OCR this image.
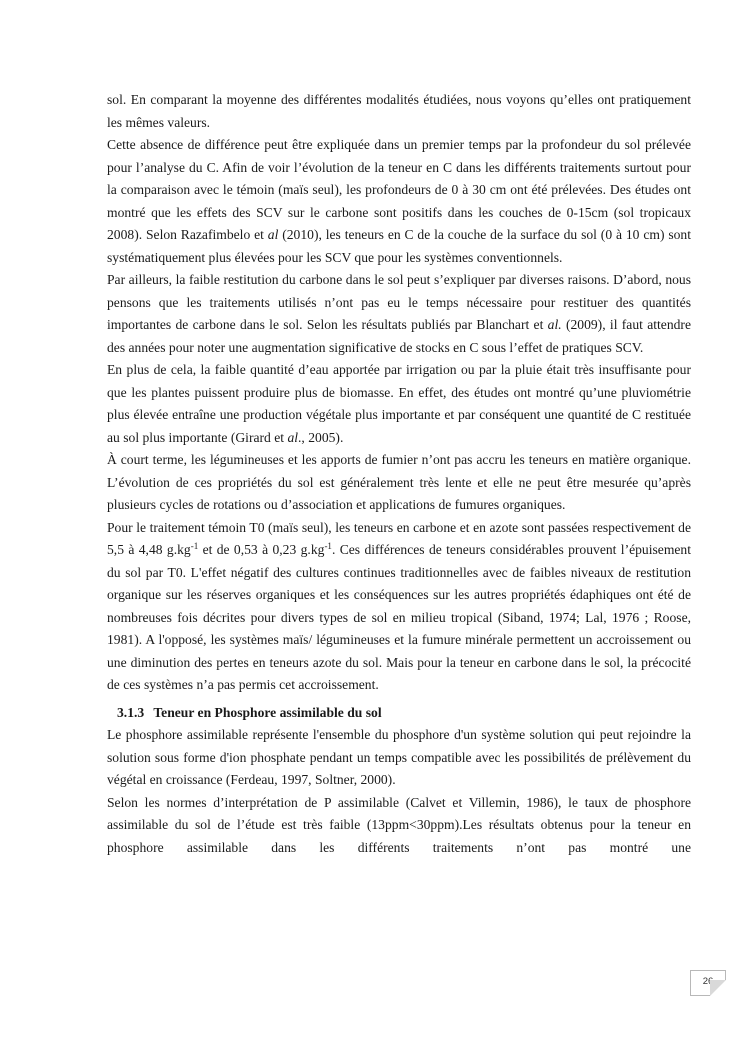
sol. En comparant la moyenne des différentes modalités étudiées, nous voyons qu’elles ont pratiquement les mêmes valeurs.

Cette absence de différence peut être expliquée dans un premier temps par la profondeur du sol prélevée pour l’analyse du C. Afin de voir l’évolution de la teneur en C dans les différents traitements surtout pour la comparaison avec le témoin (maïs seul), les profondeurs de 0 à 30 cm ont été prélevées. Des études ont montré que les effets des SCV sur le carbone sont positifs dans les couches de 0-15cm (sol tropicaux 2008). Selon Razafimbelo et al (2010), les teneurs en C de la couche de la surface du sol (0 à 10 cm) sont systématiquement plus élevées pour les SCV que pour les systèmes conventionnels.

Par ailleurs, la faible restitution du carbone dans le sol peut s’expliquer par diverses raisons. D’abord, nous pensons que les traitements utilisés n’ont pas eu le temps nécessaire pour restituer des quantités importantes de carbone dans le sol. Selon les résultats publiés par Blanchart et al. (2009), il faut attendre des années pour noter une augmentation significative de stocks en C sous l’effet de pratiques SCV.

En plus de cela, la faible quantité d’eau apportée par irrigation ou par la pluie était très insuffisante pour que les plantes puissent produire plus de biomasse. En effet, des études ont montré qu’une pluviométrie plus élevée entraîne une production végétale plus importante et par conséquent une quantité de C restituée au sol plus importante (Girard et al., 2005).

À court terme, les légumineuses et les apports de fumier n’ont pas accru les teneurs en matière organique. L’évolution de ces propriétés du sol est généralement très lente et elle ne peut être mesurée qu’après plusieurs cycles de rotations ou d’association et applications de fumures organiques.

Pour le traitement témoin T0 (maïs seul), les teneurs en carbone et en azote sont passées respectivement de 5,5 à 4,48 $g.kg^{-1}$ et de 0,53 à 0,23 $g.kg^{-1}$. Ces différences de teneurs considérables prouvent l’épuisement du sol par T0. L'effet négatif des cultures continues traditionnelles avec de faibles niveaux de restitution organique sur les réserves organiques et les conséquences sur les autres propriétés édaphiques ont été de nombreuses fois décrites pour divers types de sol en milieu tropical (Siband, 1974; Lal, 1976 ; Roose, 1981). A l'opposé, les systèmes maïs/ légumineuses et la fumure minérale permettent un accroissement ou une diminution des pertes en teneurs azote du sol. Mais pour la teneur en carbone dans le sol, la précocité de ces systèmes n’a pas permis cet accroissement.

3.1.3 Teneur en Phosphore assimilable du sol

Le phosphore assimilable représente l'ensemble du phosphore d'un système solution qui peut rejoindre la solution sous forme d'ion phosphate pendant un temps compatible avec les possibilités de prélèvement du végétal en croissance (Ferdeau, 1997, Soltner, 2000).

Selon les normes d’interprétation de P assimilable (Calvet et Villemin, 1986), le taux de phosphore assimilable du sol de l’étude est très faible (13ppm<30ppm).Les résultats obtenus pour la teneur en phosphore assimilable dans les différents traitements n’ont pas montré une

26
